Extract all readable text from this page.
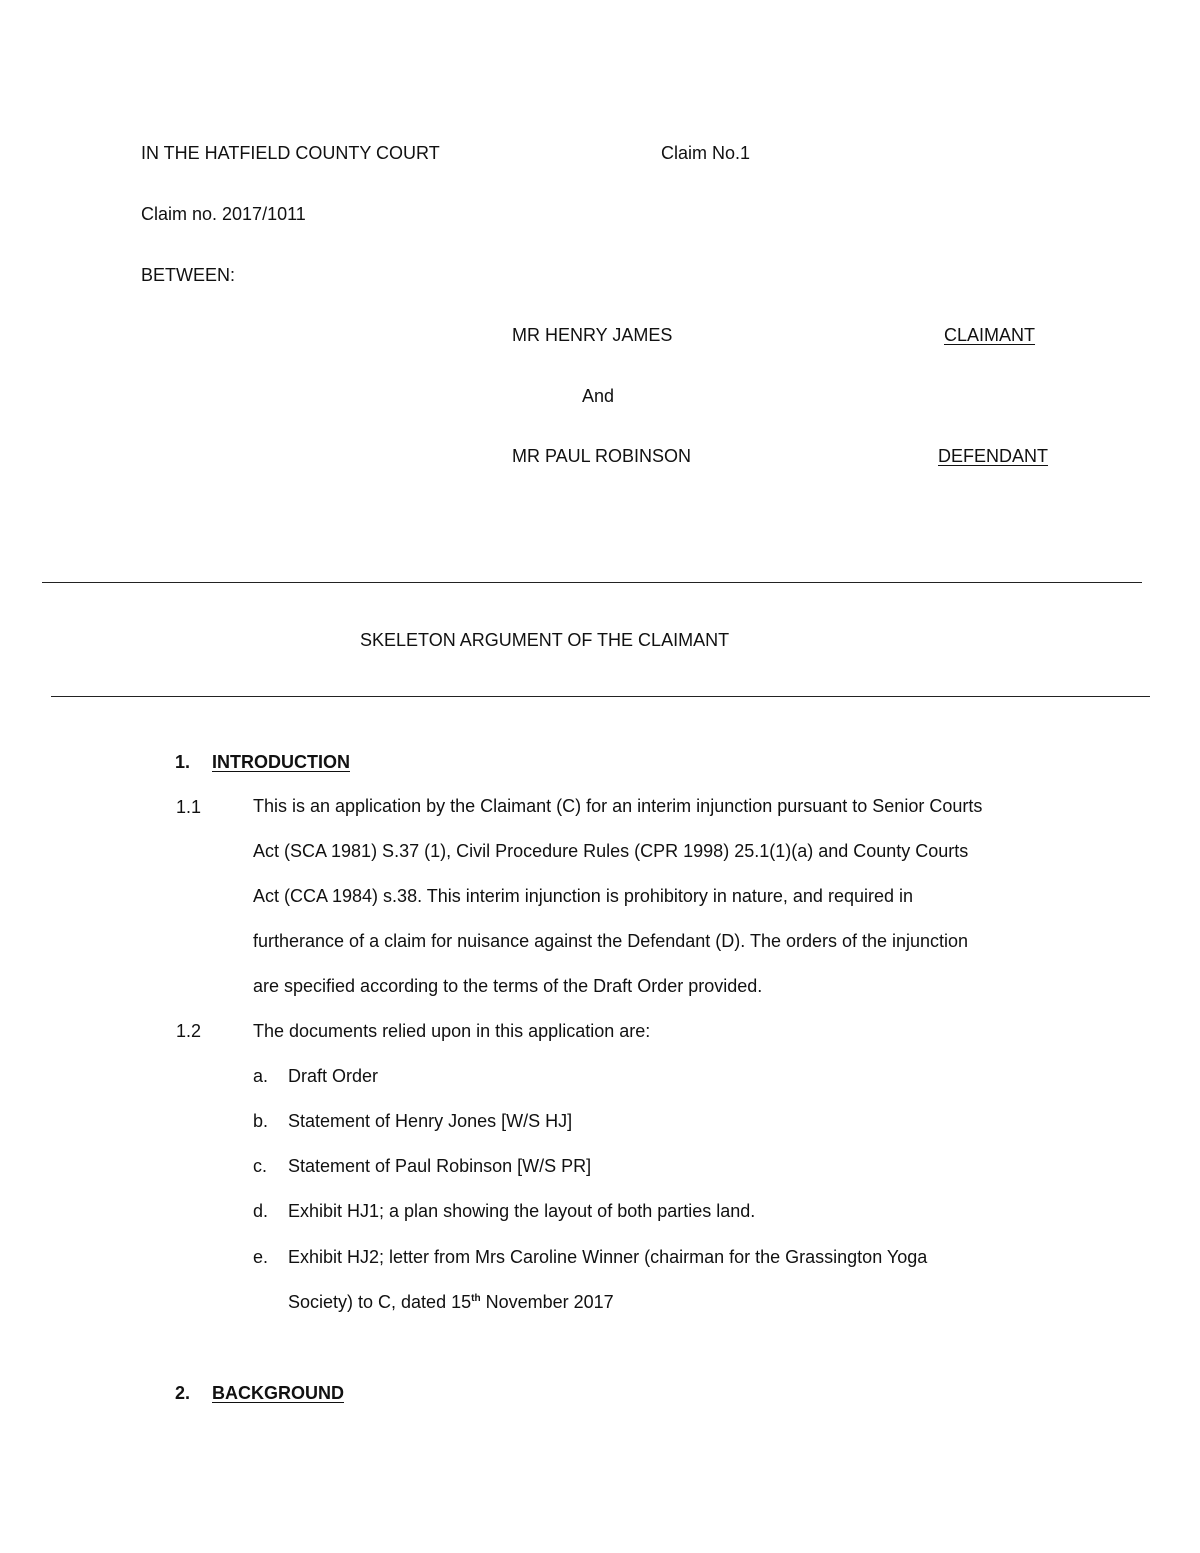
IN THE HATFIELD COUNTY COURT	Claim No.1
Claim no. 2017/1011
BETWEEN:
MR HENRY JAMES	CLAIMANT
And
MR PAUL ROBINSON	DEFENDANT
SKELETON ARGUMENT OF THE CLAIMANT
1. INTRODUCTION
1.1	This is an application by the Claimant (C) for an interim injunction pursuant to Senior Courts
Act (SCA 1981) S.37 (1), Civil Procedure Rules (CPR 1998) 25.1(1)(a) and County Courts
Act (CCA 1984) s.38. This interim injunction is prohibitory in nature, and required in
furtherance of a claim for nuisance against the Defendant (D). The orders of the injunction
are specified according to the terms of the Draft Order provided.
1.2	The documents relied upon in this application are:
a. Draft Order
b. Statement of Henry Jones [W/S HJ]
c. Statement of Paul Robinson [W/S PR]
d. Exhibit HJ1; a plan showing the layout of both parties land.
e. Exhibit HJ2; letter from Mrs Caroline Winner (chairman for the Grassington Yoga
Society) to C, dated 15th November 2017
2. BACKGROUND
